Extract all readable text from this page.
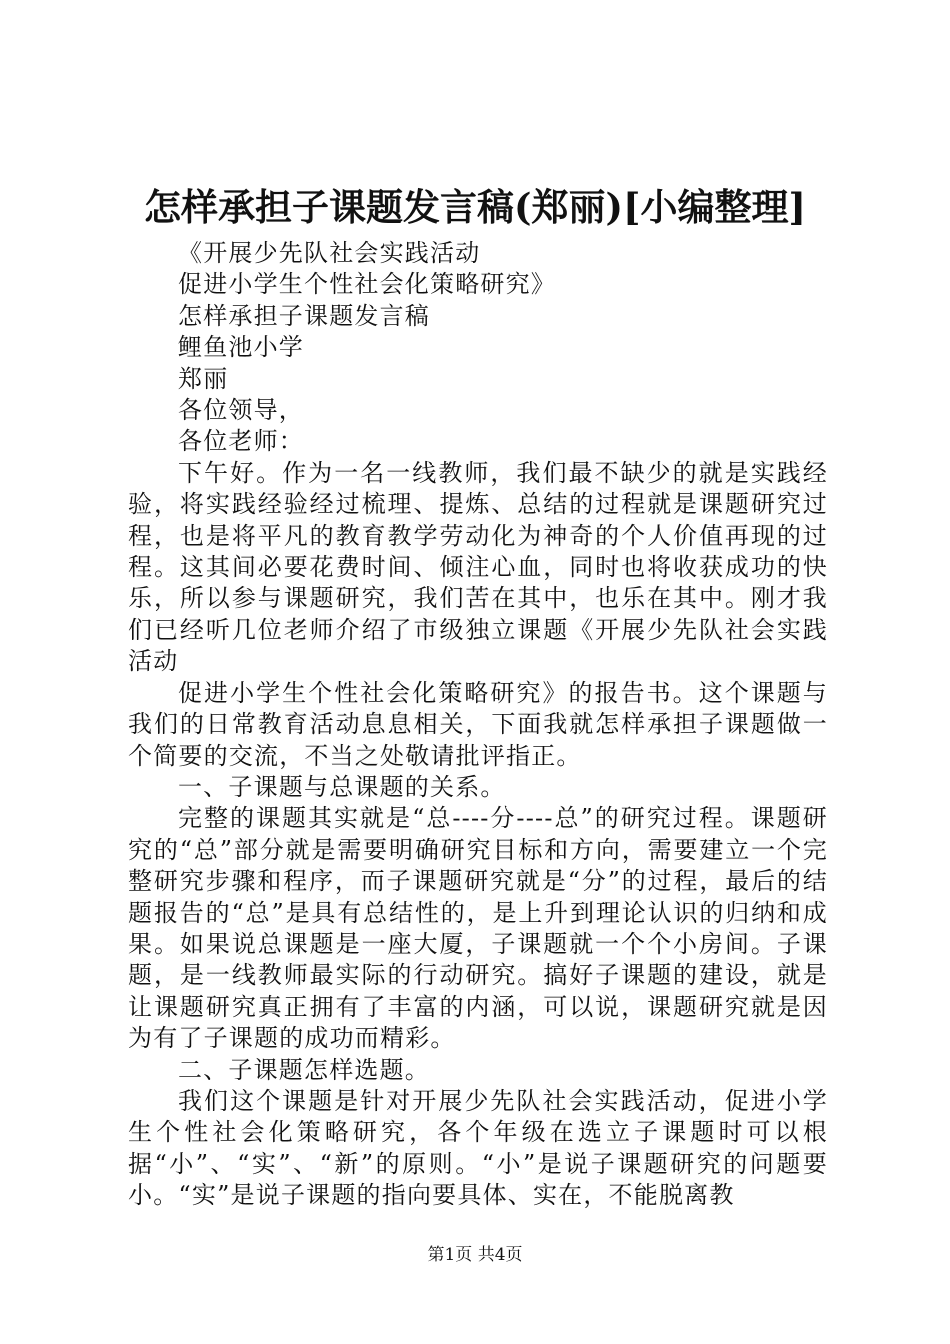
怎样承担子课题发言稿(郑丽)[小编整理]

《开展少先队社会实践活动

促进小学生个性社会化策略研究》

怎样承担子课题发言稿

鲤鱼池小学

郑丽

各位领导，

各位老师：

下午好。作为一名一线教师，我们最不缺少的就是实践经验，将实践经验经过梳理、提炼、总结的过程就是课题研究过程，也是将平凡的教育教学劳动化为神奇的个人价值再现的过程。这其间必要花费时间、倾注心血，同时也将收获成功的快乐，所以参与课题研究，我们苦在其中，也乐在其中。刚才我们已经听几位老师介绍了市级独立课题《开展少先队社会实践活动

促进小学生个性社会化策略研究》的报告书。这个课题与我们的日常教育活动息息相关，下面我就怎样承担子课题做一个简要的交流，不当之处敬请批评指正。

一、子课题与总课题的关系。

完整的课题其实就是“总----分----总”的研究过程。课题研究的“总”部分就是需要明确研究目标和方向，需要建立一个完整研究步骤和程序，而子课题研究就是“分”的过程，最后的结题报告的“总”是具有总结性的，是上升到理论认识的归纳和成果。如果说总课题是一座大厦，子课题就一个个小房间。子课题，是一线教师最实际的行动研究。搞好子课题的建设，就是让课题研究真正拥有了丰富的内涵，可以说，课题研究就是因为有了子课题的成功而精彩。

二、子课题怎样选题。

我们这个课题是针对开展少先队社会实践活动，促进小学生个性社会化策略研究，各个年级在选立子课题时可以根据“小”、“实”、“新”的原则。“小”是说子课题研究的问题要小。“实”是说子课题的指向要具体、实在，不能脱离教

第1页 共4页
